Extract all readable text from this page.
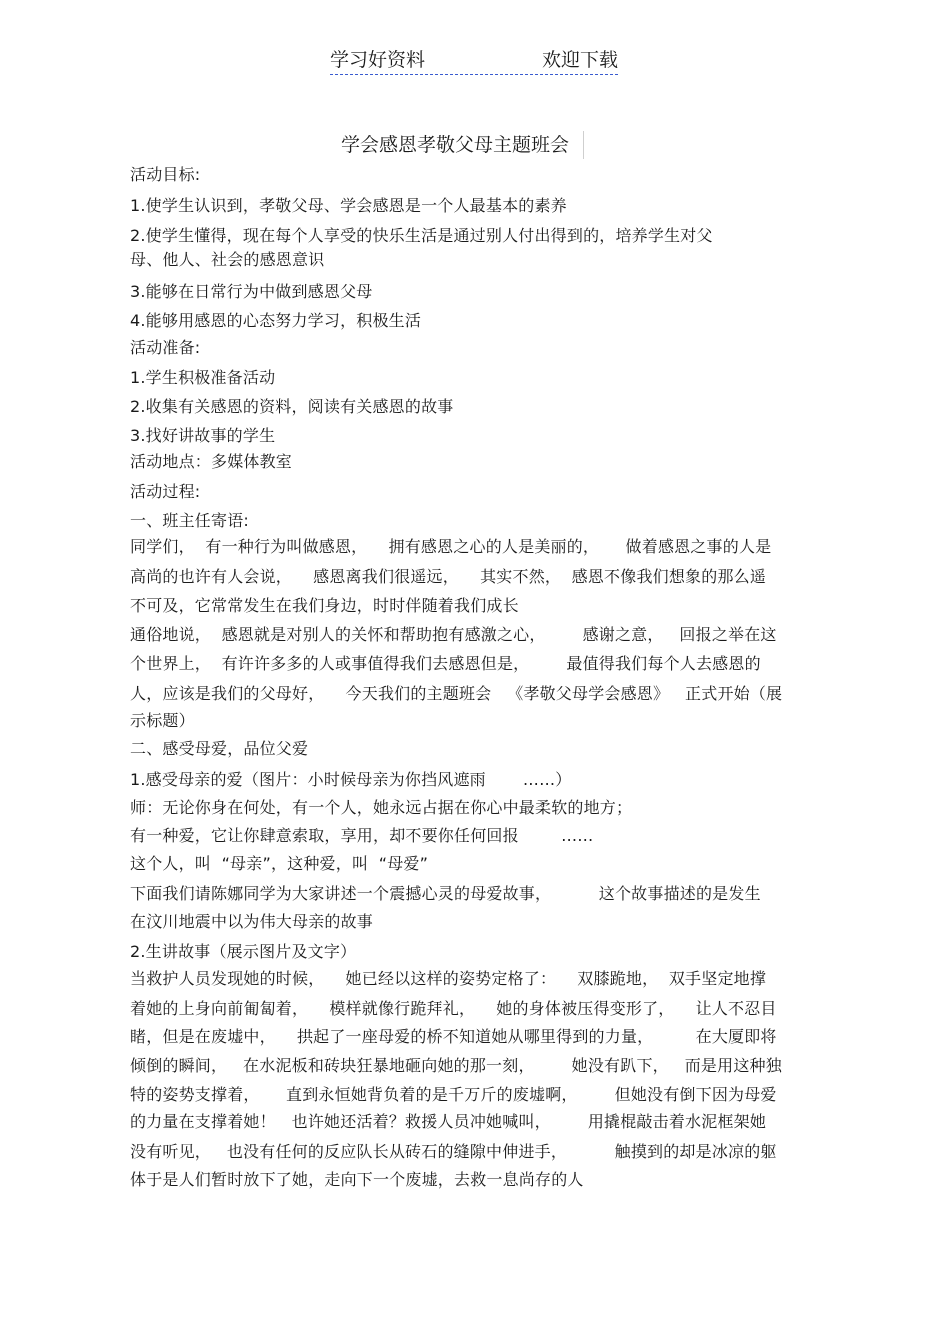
学习好资料	欢迎下载
学会感恩孝敬父母主题班会
活动目标:
1.使学生认识到，孝敬父母、学会感恩是一个人最基本的素养
2.使学生懂得，现在每个人享受的快乐生活是通过别人付出得到的，培养学生对父
母、他人、社会的感恩意识
3.能够在日常行为中做到感恩父母
4.能够用感恩的心态努力学习，积极生活
活动准备:
1.学生积极准备活动
2.收集有关感恩的资料，阅读有关感恩的故事
3.找好讲故事的学生
活动地点：多媒体教室
活动过程:
一、班主任寄语:
同学们，  有一种行为叫做感恩，    拥有感恩之心的人是美丽的，     做着感恩之事的人是
高尚的也许有人会说，    感恩离我们很遥远，    其实不然，  感恩不像我们想象的那么遥
不可及，它常常发生在我们身边，时时伴随着我们成长
通俗地说，  感恩就是对别人的关怀和帮助抱有感激之心，       感谢之意，   回报之举在这
个世界上，  有许许多多的人或事值得我们去感恩但是，       最值得我们每个人去感恩的
人，应该是我们的父母好，    今天我们的主题班会   《孝敬父母学会感恩》   正式开始（展
示标题）
二、感受母爱，品位父爱
1.感受母亲的爱（图片：小时候母亲为你挡风遮雨       ……）
师：无论你身在何处，有一个人，她永远占据在你心中最柔软的地方；
有一种爱，它让你肆意索取，享用，却不要你任何回报        ……
这个人，叫  “母亲”，这种爱，叫  “母爱”
下面我们请陈娜同学为大家讲述一个震撼心灵的母爱故事，         这个故事描述的是发生
在汶川地震中以为伟大母亲的故事
2.生讲故事（展示图片及文字）
当救护人员发现她的时候，    她已经以这样的姿势定格了：    双膝跪地，  双手坚定地撑
着她的上身向前匍匐着，    模样就像行跪拜礼，    她的身体被压得变形了，    让人不忍目
睹，但是在废墟中，    拱起了一座母爱的桥不知道她从哪里得到的力量，        在大厦即将
倾倒的瞬间，   在水泥板和砖块狂暴地砸向她的那一刻，       她没有趴下，   而是用这种独
特的姿势支撑着，     直到永恒她背负着的是千万斤的废墟啊，       但她没有倒下因为母爱
的力量在支撑着她！   也许她还活着？救援人员冲她喊叫，       用撬棍敲击着水泥框架她
没有听见，   也没有任何的反应队长从砖石的缝隙中伸进手，         触摸到的却是冰凉的躯
体于是人们暂时放下了她，走向下一个废墟，去救一息尚存的人
